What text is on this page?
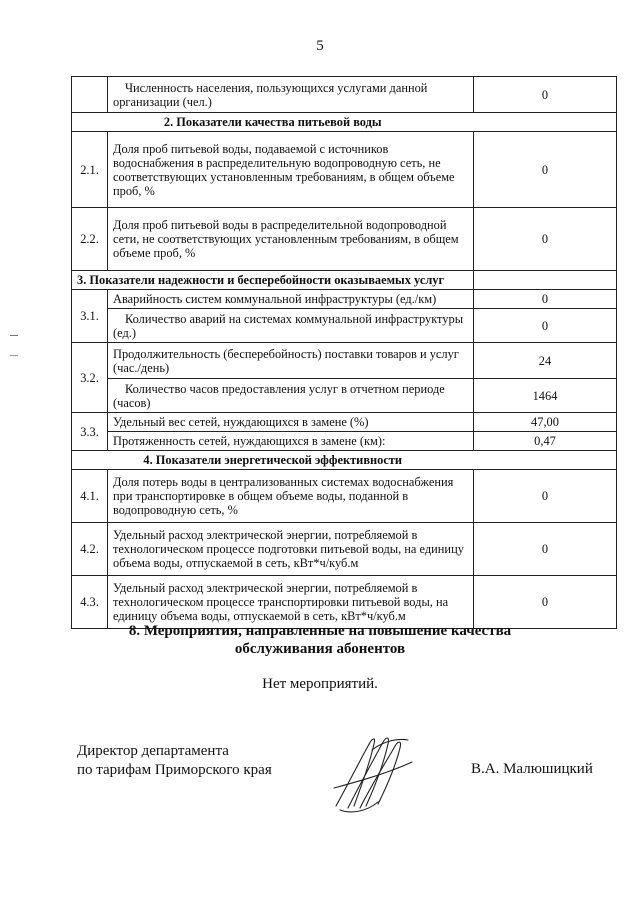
5
	Численность населения, пользующихся услугами данной организации (чел.)	0
2. Показатели качества питьевой воды		
2.1.	Доля проб питьевой воды, подаваемой с источников водоснабжения в распределительную водопроводную сеть, не соответствующих установленным требованиям, в общем объеме проб, %	0
2.2.	Доля проб питьевой воды в распределительной водопроводной сети, не соответствующих установленным требованиям, в общем объеме проб, %	0
3. Показатели надежности и бесперебойности оказываемых услуг		
3.1.	Аварийность систем коммунальной инфраструктуры (ед./км)	0
	Количество аварий на системах коммунальной инфраструктуры (ед.)	0
3.2.	Продолжительность (бесперебойность) поставки товаров и услуг (час./день)	24
	Количество часов предоставления услуг в отчетном периоде (часов)	1464
3.3.	Удельный вес сетей, нуждающихся в замене (%)	47,00
	Протяженность сетей, нуждающихся в замене (км):	0,47
4. Показатели энергетической эффективности		
4.1.	Доля потерь воды в централизованных системах водоснабжения при транспортировке в общем объеме воды, поданной в водопроводную сеть, %	0
4.2.	Удельный расход электрической энергии, потребляемой в технологическом процессе подготовки питьевой воды, на единицу объема воды, отпускаемой в сеть, кВт*ч/куб.м	0
4.3.	Удельный расход электрической энергии, потребляемой в технологическом процессе транспортировки питьевой воды, на единицу объема воды, отпускаемой в сеть, кВт*ч/куб.м	0
8. Мероприятия, направленные на повышение качества
обслуживания абонентов
Нет мероприятий.
Директор департамента
по тарифам Приморского края	В.А. Малюшицкий
